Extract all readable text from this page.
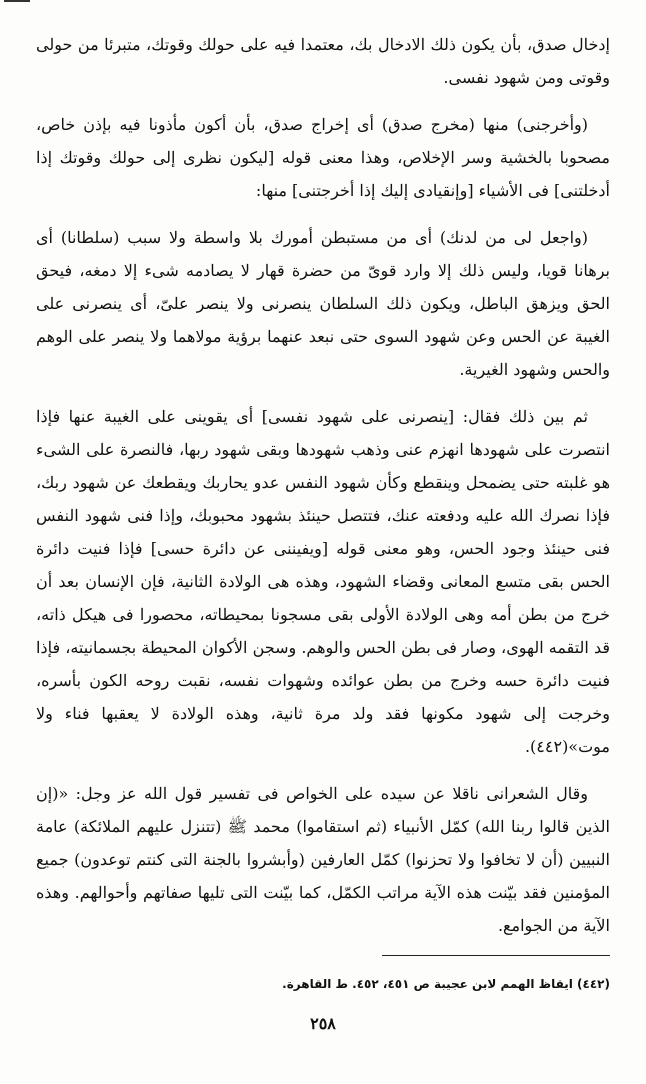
إدخال صدق، بأن يكون ذلك الادخال بك، معتمدا فيه على حولك وقوتك، متبرئا من حولى وقوتى ومن شهود نفسى.

(وأخرجنى) منها (مخرج صدق) أى إخراج صدق، بأن أكون مأذونا فيه بإذن خاص، مصحوبا بالخشية وسر الإخلاص، وهذا معنى قوله [ليكون نظرى إلى حولك وقوتك إذا أدخلتنى] فى الأشياء [وإنقيادى إليك إذا أخرجتنى] منها:

(واجعل لى من لدنك) أى من مستبطن أمورك بلا واسطة ولا سبب (سلطانا) أى برهانا قويا، وليس ذلك إلا وارد قوىّ من حضرة قهار لا يصادمه شىء إلا دمغه، فيحق الحق ويزهق الباطل، ويكون ذلك السلطان ينصرنى ولا ينصر علىّ، أى ينصرنى على الغيبة عن الحس وعن شهود السوى حتى نبعد عنهما برؤية مولاهما ولا ينصر على الوهم والحس وشهود الغيرية.

ثم بين ذلك فقال: [ينصرنى على شهود نفسى] أى يقوينى على الغيبة عنها فإذا انتصرت على شهودها انهزم عنى وذهب شهودها وبقى شهود ربها، فالنصرة على الشىء هو غلبته حتى يضمحل وينقطع وكأن شهود النفس عدو يحاربك ويقطعك عن شهود ربك، فإذا نصرك الله عليه ودفعته عنك، فتتصل حينئذ بشهود محبوبك، وإذا فنى شهود النفس فنى حينئذ وجود الحس، وهو معنى قوله [ويفيننى عن دائرة حسى] فإذا فنيت دائرة الحس بقى متسع المعانى وقضاء الشهود، وهذه هى الولادة الثانية، فإن الإنسان بعد أن خرج من بطن أمه وهى الولادة الأولى بقى مسجونا بمحيطاته، محصورا فى هيكل ذاته، قد التقمه الهوى، وصار فى بطن الحس والوهم. وسجن الأكوان المحيطة بجسمانيته، فإذا فنيت دائرة حسه وخرج من بطن عوائده وشهوات نفسه، نقبت روحه الكون بأسره، وخرجت إلى شهود مكونها فقد ولد مرة ثانية، وهذه الولادة لا يعقبها فناء ولا موت»(٤٤٢).

وقال الشعرانى ناقلا عن سيده على الخواص فى تفسير قول الله عز وجل: «(إن الذين قالوا ربنا الله) كمّل الأنبياء (ثم استقاموا) محمد ﷺ (تتنزل عليهم الملائكة) عامة النبيين (أن لا تخافوا ولا تحزنوا) كمّل العارفين (وأبشروا بالجنة التى كنتم توعدون) جميع المؤمنين فقد بيّنت هذه الآية مراتب الكمّل، كما بيّنت التى تليها صفاتهم وأحوالهم. وهذه الآية من الجوامع.

(٤٤٢) ايقاظ الهمم لابن عجيبة ص ٤٥١، ٤٥٢. ط القاهرة.
٢٥٨
